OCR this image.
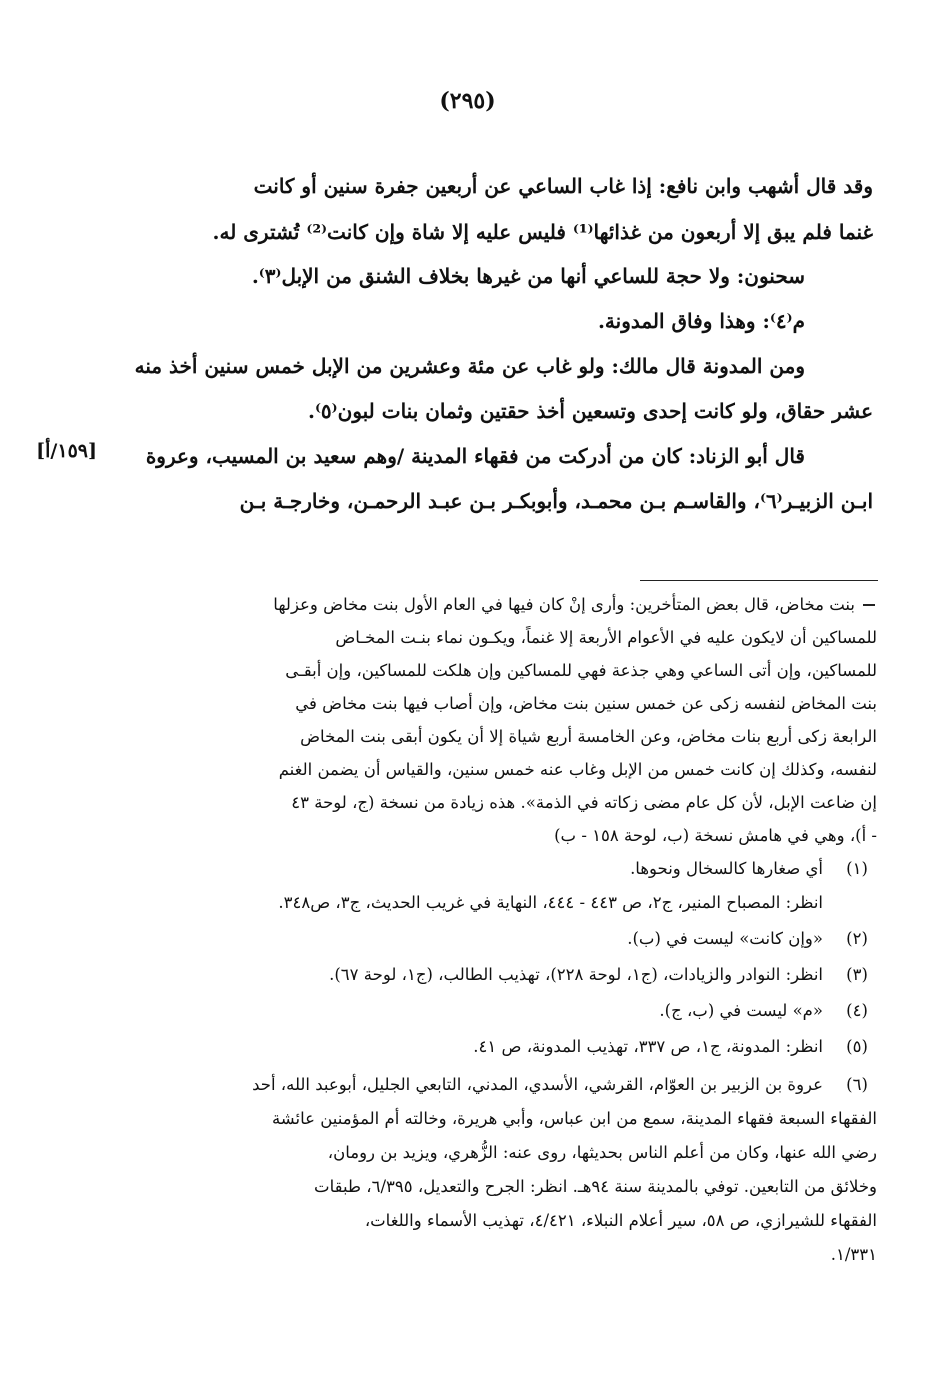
(٢٩٥)
وقد قال أشهب وابن نافع: إذا غاب الساعي عن أربعين جفرة سنين أو كانت
غنما فلم يبق إلا أربعون من غذائها⁽¹⁾ فليس عليه إلا شاة وإن كانت⁽²⁾ تُشترى له.
سحنون: ولا حجة للساعي أنها من غيرها بخلاف الشنق من الإبل⁽٣⁾.
م⁽٤⁾: وهذا وفاق المدونة.
ومن المدونة قال مالك: ولو غاب عن مئة وعشرين من الإبل خمس سنين أخذ منه
عشر حقاق، ولو كانت إحدى وتسعين أخذ حقتين وثمان بنات لبون⁽٥⁾.
قال أبو الزناد: كان من أدركت من فقهاء المدينة /وهم سعيد بن المسيب، وعروة
ابـن الزبيـر⁽٦⁾، والقاسـم بـن محمـد، وأبوبكـر بـن عبـد الرحمـن، وخارجـة بـن
[١٥٩/أ]
بنت مخاض، قال بعض المتأخرين: وأرى إنْ كان فيها في العام الأول بنت مخاض وعزلها
للمساكين أن لايكون عليه في الأعوام الأربعة إلا غنماً، ويكـون نماء بنـت المخـاض
للمساكين، وإن أتى الساعي وهي جذعة فهي للمساكين وإن هلكت للمساكين، وإن أبقـى
بنت المخاض لنفسه زكى عن خمس سنين بنت مخاض، وإن أصاب فيها بنت مخاض في
الرابعة زكى أربع بنات مخاض، وعن الخامسة أربع شياة إلا أن يكون أبقى بنت المخاض
لنفسه، وكذلك إن كانت خمس من الإبل وغاب عنه خمس سنين، والقياس أن يضمن الغنم
إن ضاعت الإبل، لأن كل عام مضى زكاته في الذمة». هذه زيادة من نسخة (ج، لوحة ٤٣
- أ)، وهي في هامش نسخة (ب، لوحة ١٥٨ - ب)
(١)
أي صغارها كالسخال ونحوها.
انظر: المصباح المنير، ج٢، ص ٤٤٣ - ٤٤٤، النهاية في غريب الحديث، ج٣، ص٣٤٨.
(٢)
«وإن كانت» ليست في (ب).
(٣)
انظر: النوادر والزيادات، (ج١، لوحة ٢٢٨)، تهذيب الطالب، (ج١، لوحة ٦٧).
(٤)
«م» ليست في (ب، ج).
(٥)
انظر: المدونة، ج١، ص ٣٣٧، تهذيب المدونة، ص ٤١.
(٦)
عروة بن الزبير بن العوّام، القرشي، الأسدي، المدني، التابعي الجليل، أبوعبد الله، أحد
الفقهاء السبعة فقهاء المدينة، سمع من ابن عباس، وأبي هريرة، وخالته أم المؤمنين عائشة
رضي الله عنها، وكان من أعلم الناس بحديثها، روى عنه: الزُّهري، ويزيد بن رومان،
وخلائق من التابعين. توفي بالمدينة سنة ٩٤هـ. انظر: الجرح والتعديل، ٦/٣٩٥، طبقات
الفقهاء للشيرازي، ص ٥٨، سير أعلام النبلاء، ٤/٤٢١، تهذيب الأسماء واللغات،
١/٣٣١.
